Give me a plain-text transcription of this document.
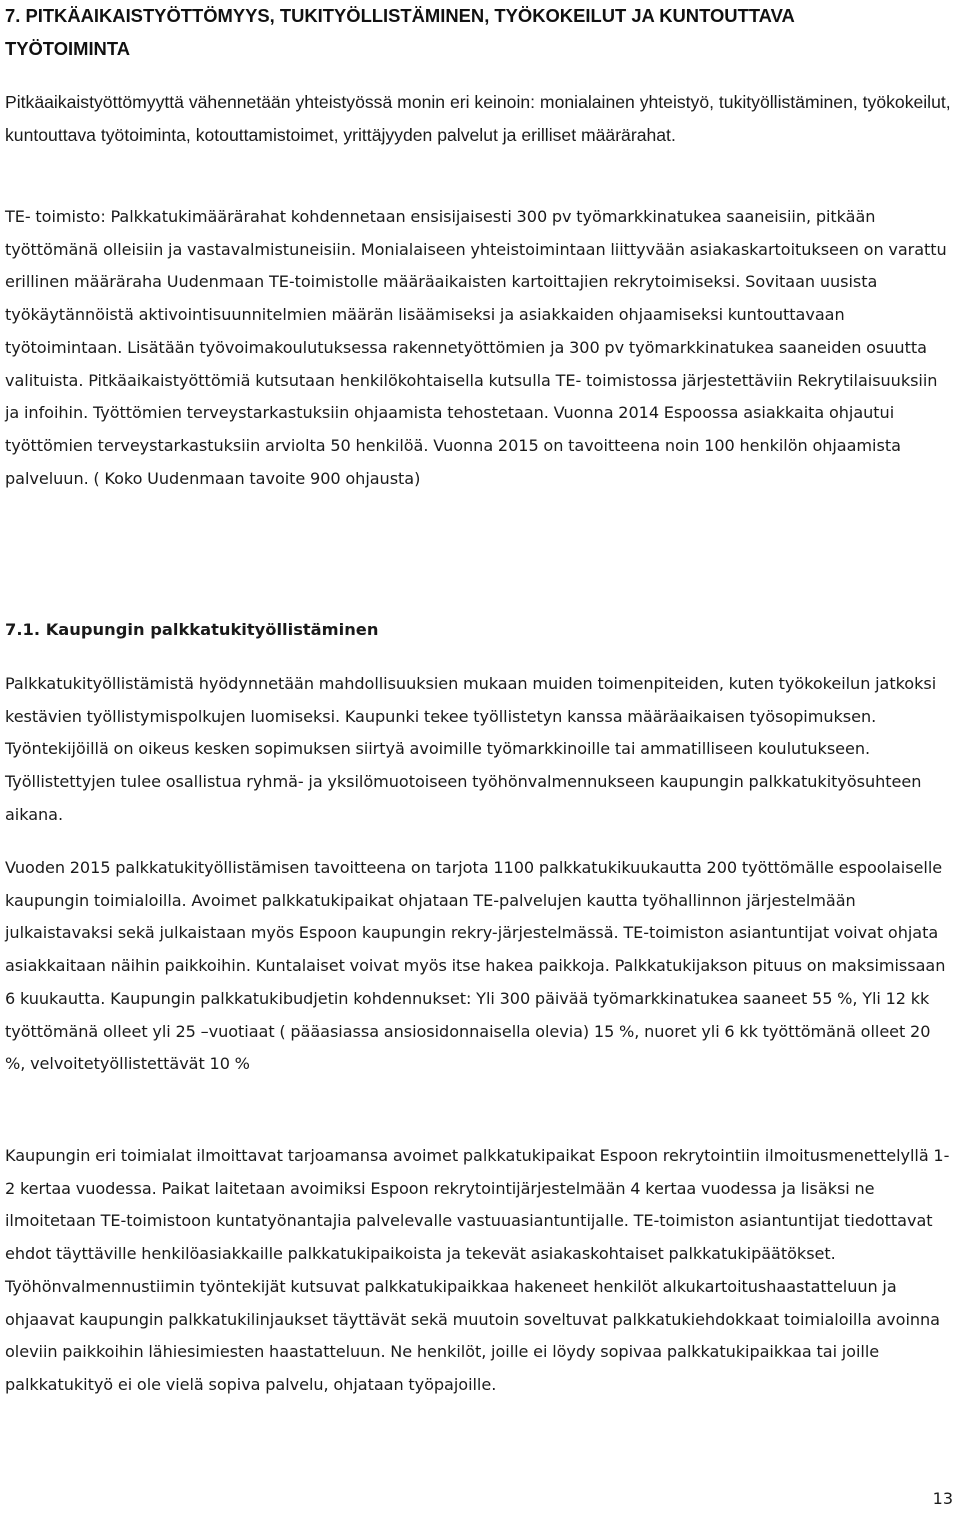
7. PITKÄAIKAISTYÖTTÖMYYS, TUKITYÖLLISTÄMINEN, TYÖKOKEILUT JA KUNTOUTTAVA
TYÖTOIMINTA

Pitkäaikaistyöttömyyttä vähennetään yhteistyössä monin eri keinoin: monialainen yhteistyö, tukityöllistäminen, työkokeilut, kuntouttava työtoiminta, kotouttamistoimet, yrittäjyyden palvelut ja erilliset määrärahat.

TE- toimisto: Palkkatukimäärärahat kohdennetaan ensisijaisesti 300 pv työmarkkinatukea saaneisiin, pitkään työttömänä olleisiin ja vastavalmistuneisiin. Monialaiseen yhteistoimintaan liittyvään asiakaskartoitukseen on varattu erillinen määräraha Uudenmaan TE-toimistolle määräaikaisten kartoittajien rekrytoimiseksi. Sovitaan uusista työkäytännöistä aktivointisuunnitelmien määrän lisäämiseksi ja asiakkaiden ohjaamiseksi kuntouttavaan työtoimintaan. Lisätään työvoimakoulutuksessa rakennetyöttömien ja 300 pv työmarkkinatukea saaneiden osuutta valituista. Pitkäaikaistyöttömiä kutsutaan henkilökohtaisella kutsulla TE- toimistossa järjestettäviin Rekrytilaisuuksiin ja infoihin. Työttömien terveystarkastuksiin ohjaamista tehostetaan. Vuonna 2014 Espoossa asiakkaita ohjautui työttömien terveystarkastuksiin arviolta 50 henkilöä. Vuonna 2015 on tavoitteena noin 100 henkilön ohjaamista palveluun. ( Koko Uudenmaan tavoite 900 ohjausta)

7.1. Kaupungin palkkatukityöllistäminen

Palkkatukityöllistämistä hyödynnetään mahdollisuuksien mukaan muiden toimenpiteiden, kuten työkokeilun jatkoksi kestävien työllistymispolkujen luomiseksi. Kaupunki tekee työllistetyn kanssa määräaikaisen työsopimuksen. Työntekijöillä on oikeus kesken sopimuksen siirtyä avoimille työmarkkinoille tai ammatilliseen koulutukseen. Työllistettyjen tulee osallistua ryhmä- ja yksilömuotoiseen työhönvalmennukseen kaupungin palkkatukityösuhteen aikana.

Vuoden 2015 palkkatukityöllistämisen tavoitteena on tarjota 1100 palkkatukikuukautta 200 työttömälle espoolaiselle kaupungin toimialoilla. Avoimet palkkatukipaikat ohjataan TE-palvelujen kautta työhallinnon järjestelmään julkaistavaksi sekä julkaistaan myös Espoon kaupungin rekry-järjestelmässä. TE-toimiston asiantuntijat voivat ohjata asiakkaitaan näihin paikkoihin. Kuntalaiset voivat myös itse hakea paikkoja. Palkkatukijakson pituus on maksimissaan 6 kuukautta. Kaupungin palkkatukibudjetin kohdennukset: Yli 300 päivää työmarkkinatukea saaneet 55 %, Yli 12 kk työttömänä olleet yli 25 –vuotiaat ( pääasiassa ansiosidonnaisella olevia) 15 %, nuoret yli 6 kk työttömänä olleet 20 %, velvoitetyöllistettävät 10 %

Kaupungin eri toimialat ilmoittavat tarjoamansa avoimet palkkatukipaikat Espoon rekrytointiin ilmoitusmenettelyllä 1-2 kertaa vuodessa. Paikat laitetaan avoimiksi Espoon rekrytointijärjestelmään 4 kertaa vuodessa ja lisäksi ne ilmoitetaan TE-toimistoon kuntatyönantajia palvelevalle vastuuasiantuntijalle. TE-toimiston asiantuntijat tiedottavat ehdot täyttäville henkilöasiakkaille palkkatukipaikoista ja tekevät asiakaskohtaiset palkkatukipäätökset. Työhönvalmennustiimin työntekijät kutsuvat palkkatukipaikkaa hakeneet henkilöt alkukartoitushaastatteluun ja ohjaavat kaupungin palkkatukilinjaukset täyttävät sekä muutoin soveltuvat palkkatukiehdokkaat toimialoilla avoinna oleviin paikkoihin lähiesimiesten haastatteluun. Ne henkilöt, joille ei löydy sopivaa palkkatukipaikkaa tai joille palkkatukityö ei ole vielä sopiva palvelu, ohjataan työpajoille.

13
